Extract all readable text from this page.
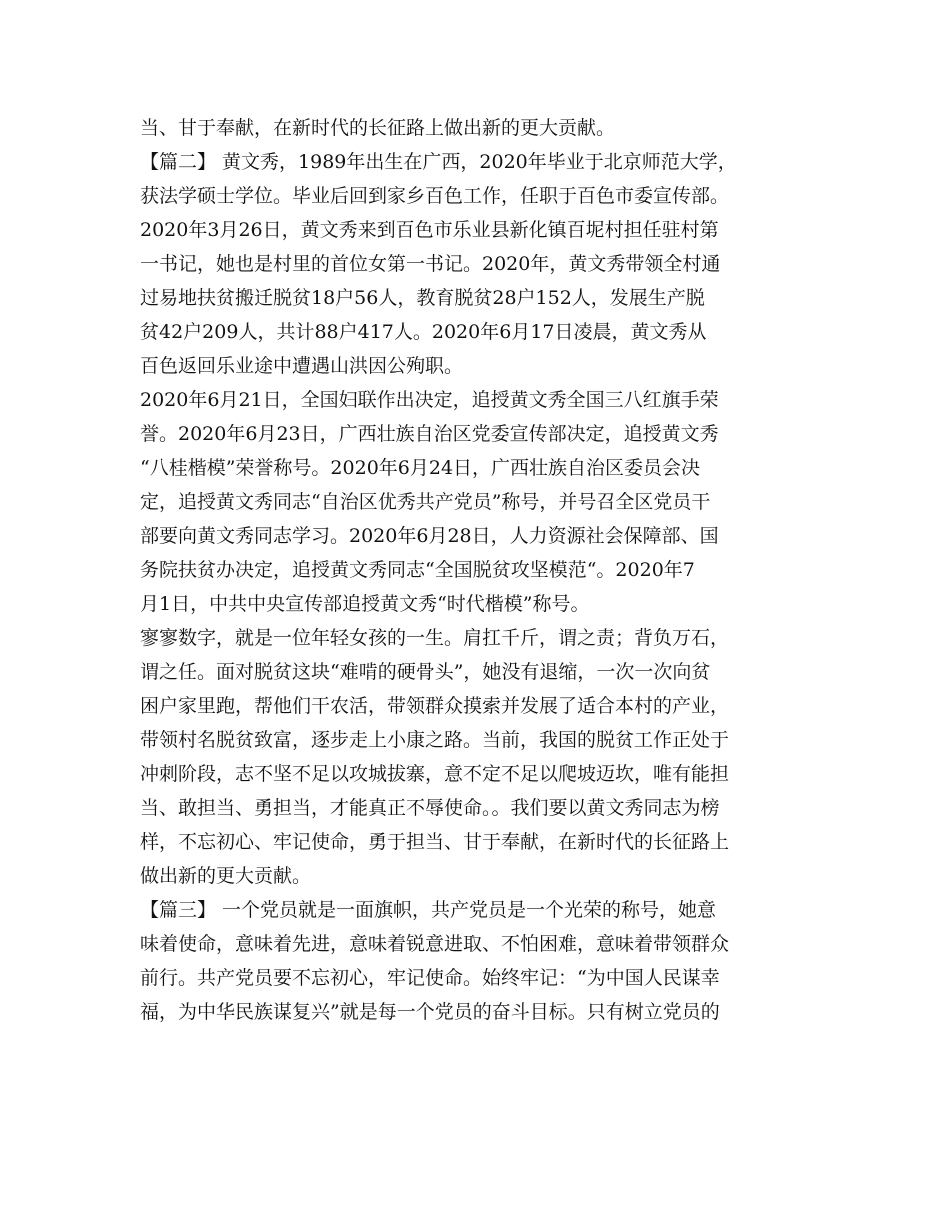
当、甘于奉献，在新时代的长征路上做出新的更大贡献。
【篇二】 黄文秀，1989年出生在广西，2020年毕业于北京师范大学，
获法学硕士学位。毕业后回到家乡百色工作，任职于百色市委宣传部。
2020年3月26日，黄文秀来到百色市乐业县新化镇百坭村担任驻村第
一书记，她也是村里的首位女第一书记。2020年，黄文秀带领全村通
过易地扶贫搬迁脱贫18户56人，教育脱贫28户152人，发展生产脱
贫42户209人，共计88户417人。2020年6月17日凌晨，黄文秀从
百色返回乐业途中遭遇山洪因公殉职。
2020年6月21日，全国妇联作出决定，追授黄文秀全国三八红旗手荣
誉。2020年6月23日，广西壮族自治区党委宣传部决定，追授黄文秀
“八桂楷模”荣誉称号。2020年6月24日，广西壮族自治区委员会决
定，追授黄文秀同志“自治区优秀共产党员”称号，并号召全区党员干
部要向黄文秀同志学习。2020年6月28日，人力资源社会保障部、国
务院扶贫办决定，追授黄文秀同志“全国脱贫攻坚模范“。2020年7
月1日，中共中央宣传部追授黄文秀“时代楷模”称号。
寥寥数字，就是一位年轻女孩的一生。肩扛千斤，谓之责；背负万石，
谓之任。面对脱贫这块“难啃的硬骨头”，她没有退缩，一次一次向贫
困户家里跑，帮他们干农活，带领群众摸索并发展了适合本村的产业，
带领村名脱贫致富，逐步走上小康之路。当前，我国的脱贫工作正处于
冲刺阶段，志不坚不足以攻城拔寨，意不定不足以爬坡迈坎，唯有能担
当、敢担当、勇担当，才能真正不辱使命。。我们要以黄文秀同志为榜
样，不忘初心、牢记使命，勇于担当、甘于奉献，在新时代的长征路上
做出新的更大贡献。
【篇三】 一个党员就是一面旗帜，共产党员是一个光荣的称号，她意
味着使命，意味着先进，意味着锐意进取、不怕困难，意味着带领群众
前行。共产党员要不忘初心，牢记使命。始终牢记：“为中国人民谋幸
福，为中华民族谋复兴”就是每一个党员的奋斗目标。只有树立党员的
